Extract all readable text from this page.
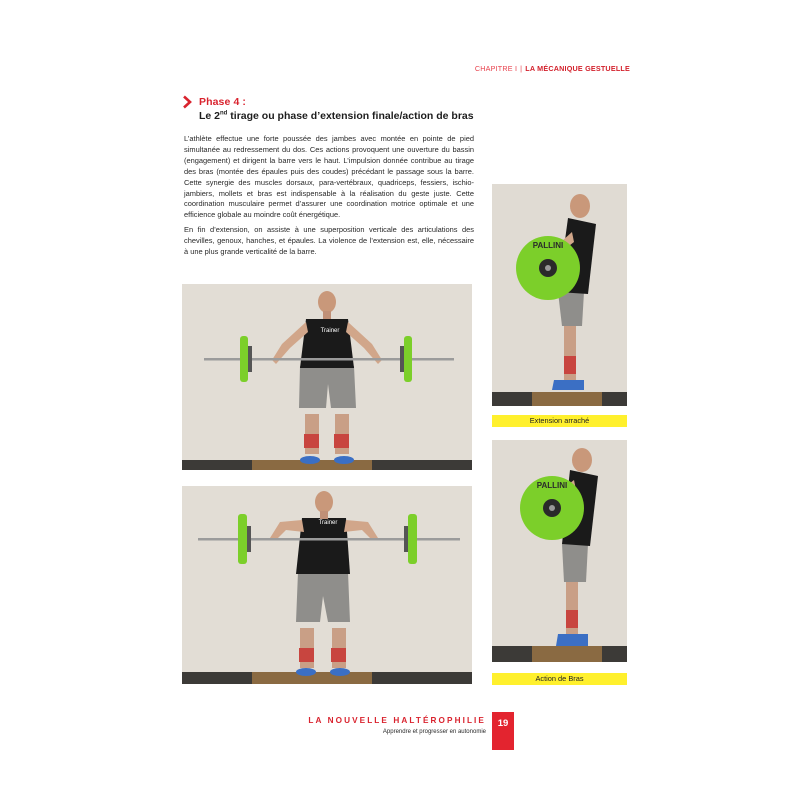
CHAPITRE I | LA MÉCANIQUE GESTUELLE
Phase 4 :
Le 2nd tirage ou phase d’extension finale/action de bras

L’athlète effectue une forte poussée des jambes avec montée en pointe de pied simultanée au redressement du dos. Ces actions provoquent une ouverture du bassin (engagement) et dirigent la barre vers le haut. L’impulsion donnée contribue au tirage des bras (montée des épaules puis des coudes) précédant le passage sous la barre. Cette synergie des muscles dorsaux, para-vertébraux, quadriceps, fessiers, ischio-jambiers, mollets et bras est indispensable à la réalisation du geste juste. Cette coordination musculaire permet d’assurer une coordination motrice optimale et une efficience globale au moindre coût énergétique.

En fin d’extension, on assiste à une superposition verticale des articulations des chevilles, genoux, hanches, et épaules. La violence de l’extension est, elle, nécessaire à une plus grande verticalité de la barre.

Trainer
Trainer
PALLINI
Extension arraché
PALLINI
Action de Bras
LA NOUVELLE HALTÉROPHILIE
Apprendre et progresser en autonomie
19
